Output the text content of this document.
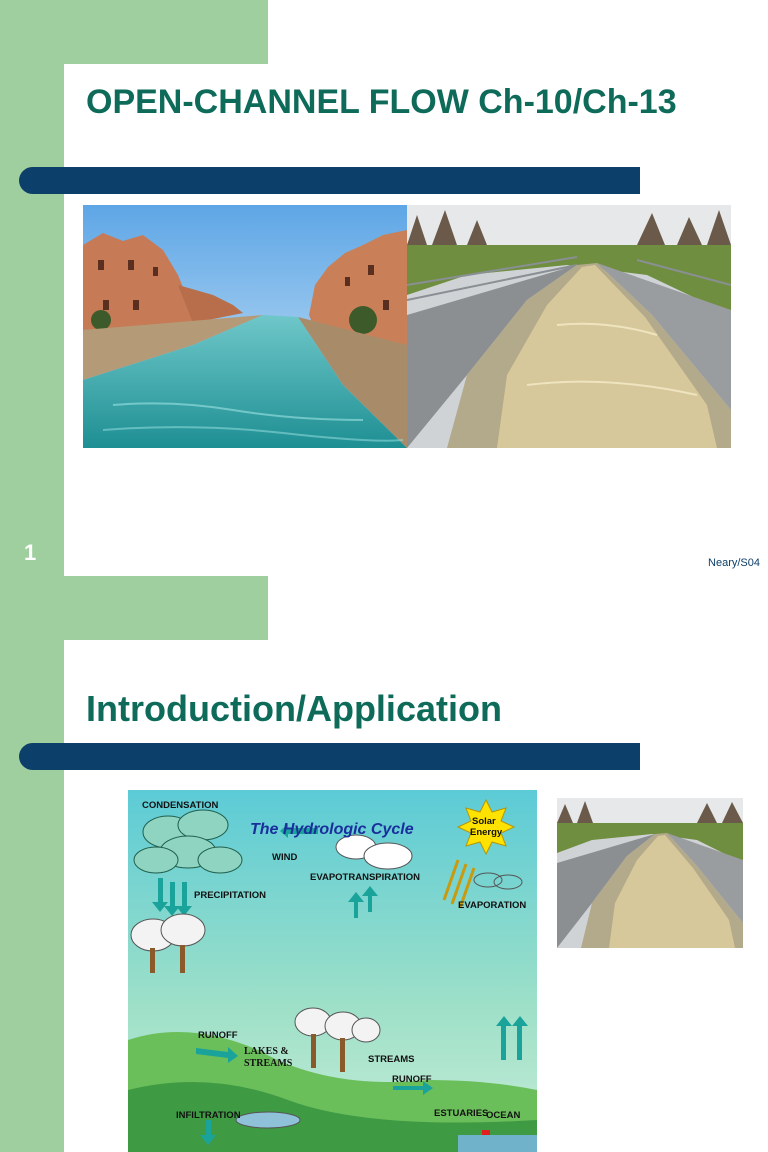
OPEN-CHANNEL FLOW Ch-10/Ch-13
1	Neary/S04
Introduction/Application
CONDENSATION
The Hydrologic Cycle
WIND
Solar
Energy
PRECIPITATION
EVAPOTRANSPIRATION
EVAPORATION
RUNOFF
LAKES &
STREAMS	STREAMS
RUNOFF
INFILTRATION	ESTUARIES
OCEAN
